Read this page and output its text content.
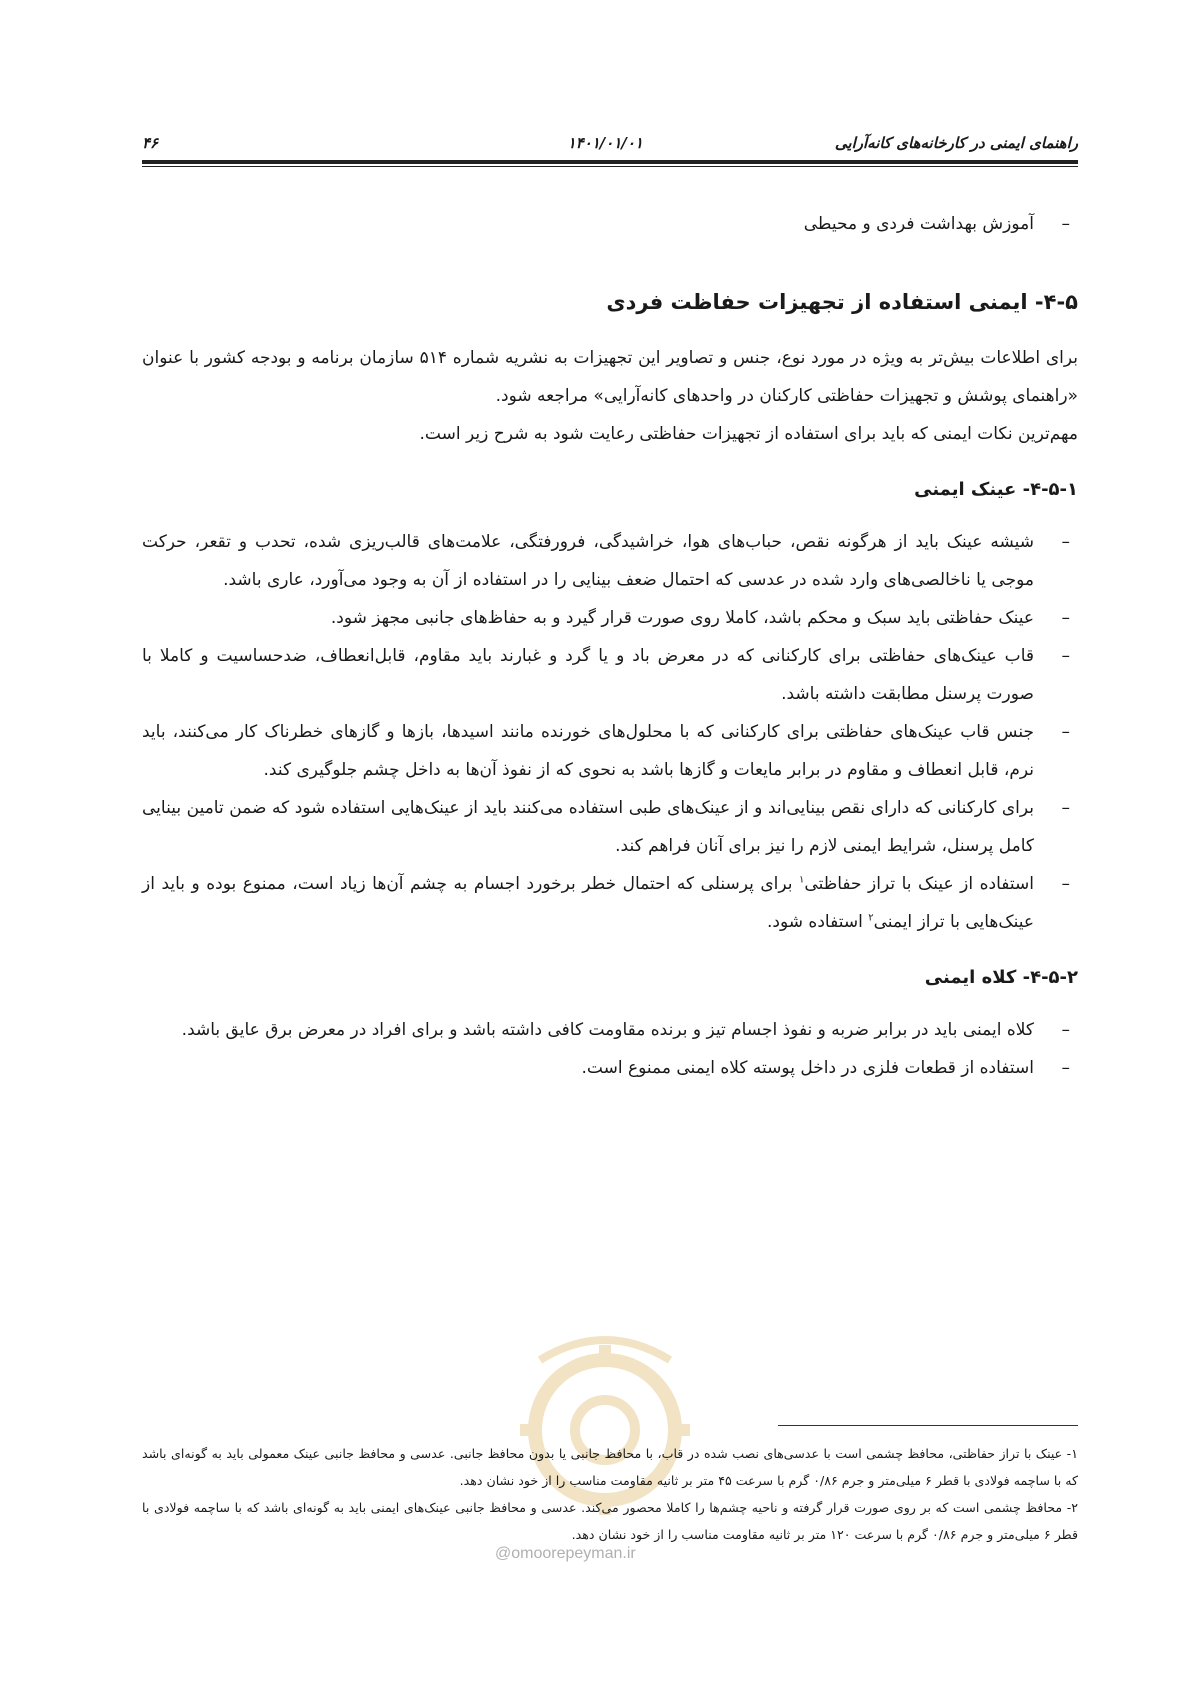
راهنمای ایمنی در کارخانه‌های کانه‌آرایی
۱۴۰۱/۰۱/۰۱
۴۶

–
آموزش بهداشت فردی و محیطی

۴-۵- ایمنی استفاده از تجهیزات حفاظت فردی

برای اطلاعات بیش‌تر به ویژه در مورد نوع، جنس و تصاویر این تجهیزات به نشریه شماره ۵۱۴ سازمان برنامه و بودجه کشور با عنوان «راهنمای پوشش و تجهیزات حفاظتی کارکنان در واحدهای کانه‌آرایی» مراجعه شود.

مهم‌ترین نکات ایمنی که باید برای استفاده از تجهیزات حفاظتی رعایت شود به شرح زیر است.

۴-۵-۱- عینک ایمنی

–
شیشه عینک باید از هرگونه نقص، حباب‌های هوا، خراشیدگی، فرورفتگی، علامت‌های قالب‌ریزی شده، تحدب و تقعر، حرکت موجی یا ناخالصی‌های وارد شده در عدسی که احتمال ضعف بینایی را در استفاده از آن به وجود می‌آورد، عاری باشد.

–
عینک حفاظتی باید سبک و محکم باشد، کاملا روی صورت قرار گیرد و به حفاظ‌های جانبی مجهز شود.

–
قاب عینک‌های حفاظتی برای کارکنانی که در معرض باد و یا گرد و غبارند باید مقاوم، قابل‌انعطاف، ضدحساسیت و کاملا با صورت پرسنل مطابقت داشته باشد.

–
جنس قاب عینک‌های حفاظتی برای کارکنانی که با محلول‌های خورنده مانند اسیدها، بازها و گازهای خطرناک کار می‌کنند، باید نرم، قابل انعطاف و مقاوم در برابر مایعات و گازها باشد به نحوی که از نفوذ آن‌ها به داخل چشم جلوگیری کند.

–
برای کارکنانی که دارای نقص بینایی‌اند و از عینک‌های طبی استفاده می‌کنند باید از عینک‌هایی استفاده شود که ضمن تامین بینایی کامل پرسنل، شرایط ایمنی لازم را نیز برای آنان فراهم کند.

–
استفاده از عینک با تراز حفاظتی$^۱$ برای پرسنلی که احتمال خطر برخورد اجسام به چشم آن‌ها زیاد است، ممنوع بوده و باید از عینک‌هایی با تراز ایمنی$^۲$ استفاده شود.

۴-۵-۲- کلاه ایمنی

–
کلاه ایمنی باید در برابر ضربه و نفوذ اجسام تیز و برنده مقاومت کافی داشته باشد و برای افراد در معرض برق عایق باشد.

–
استفاده از قطعات فلزی در داخل پوسته کلاه ایمنی ممنوع است.

@omoorepeyman.ir

۱- عینک با تراز حفاظتی، محافظ چشمی است با عدسی‌های نصب شده در قاب، با محافظ جانبی یا بدون محافظ جانبی. عدسی و محافظ جانبی عینک معمولی باید به گونه‌ای باشد که با ساچمه فولادی با قطر ۶ میلی‌متر و جرم ۰/۸۶ گرم با سرعت ۴۵ متر بر ثانیه مقاومت مناسب را از خود نشان دهد.

۲- محافظ چشمی است که بر روی صورت قرار گرفته و ناحیه چشم‌ها را کاملا محصور می‌کند. عدسی و محافظ جانبی عینک‌های ایمنی باید به گونه‌ای باشد که با ساچمه فولادی با قطر ۶ میلی‌متر و جرم ۰/۸۶ گرم با سرعت ۱۲۰ متر بر ثانیه مقاومت مناسب را از خود نشان دهد.
